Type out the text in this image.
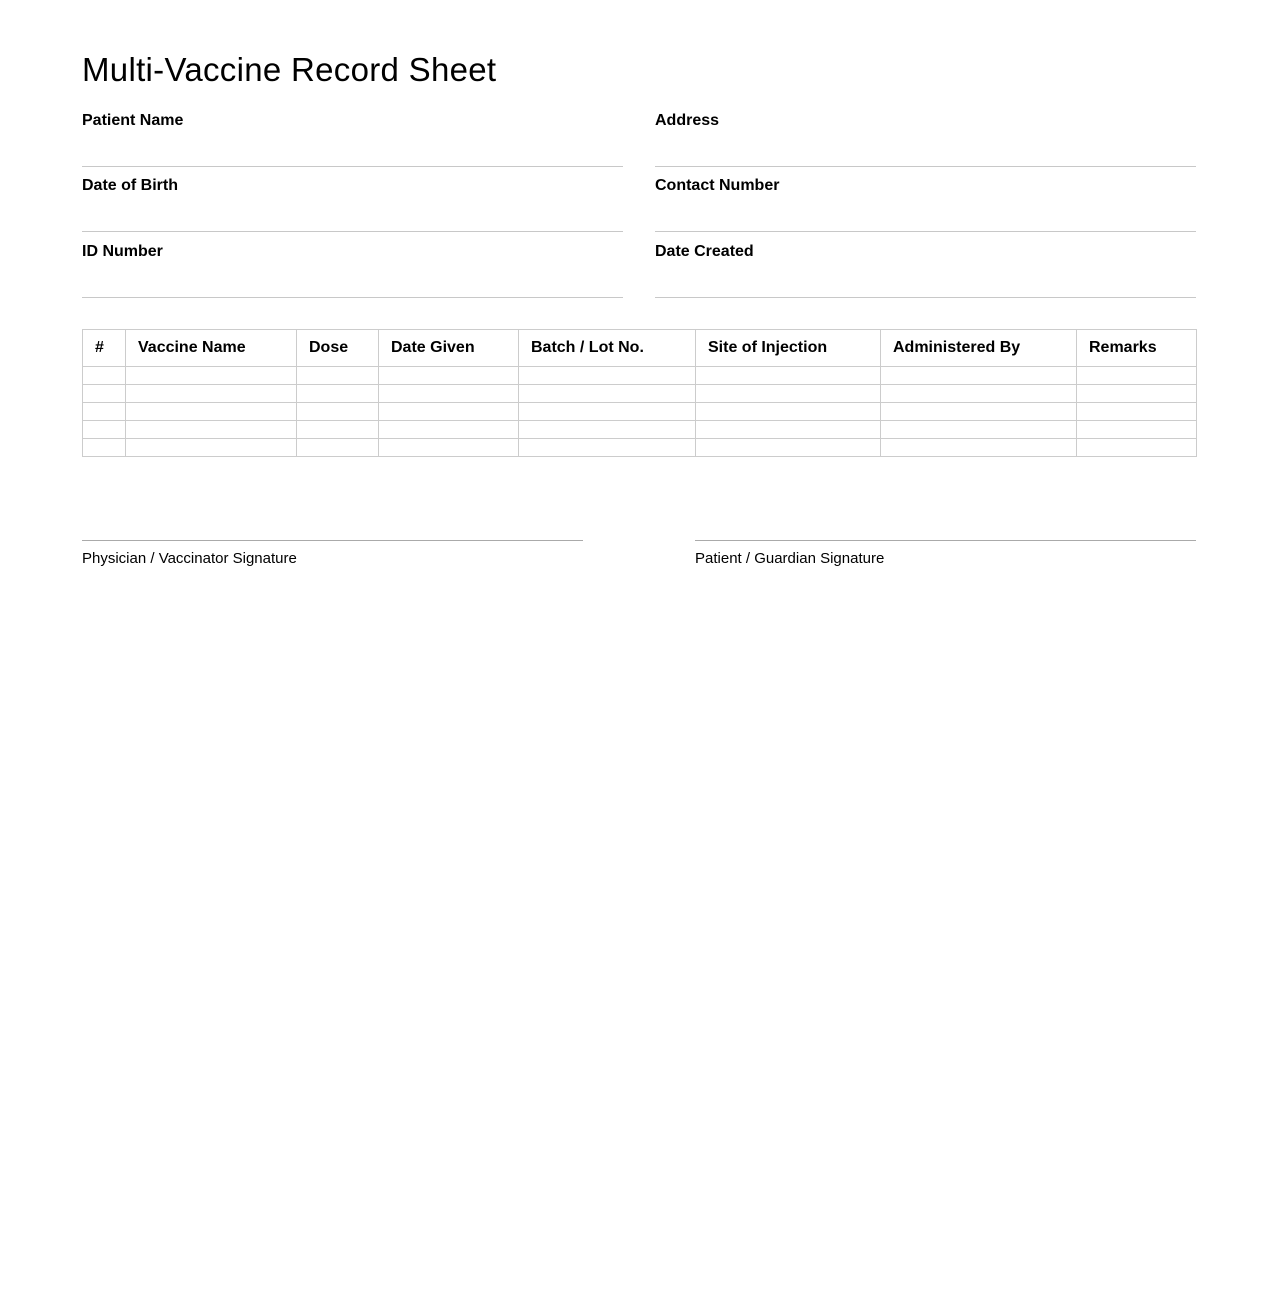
Multi-Vaccine Record Sheet
Patient Name	Address
Date of Birth	Contact Number
ID Number	Date Created
#	Vaccine Name	Dose	Date Given	Batch / Lot No.	Site of Injection	Administered By	Remarks

Physician / Vaccinator Signature	Patient / Guardian Signature
